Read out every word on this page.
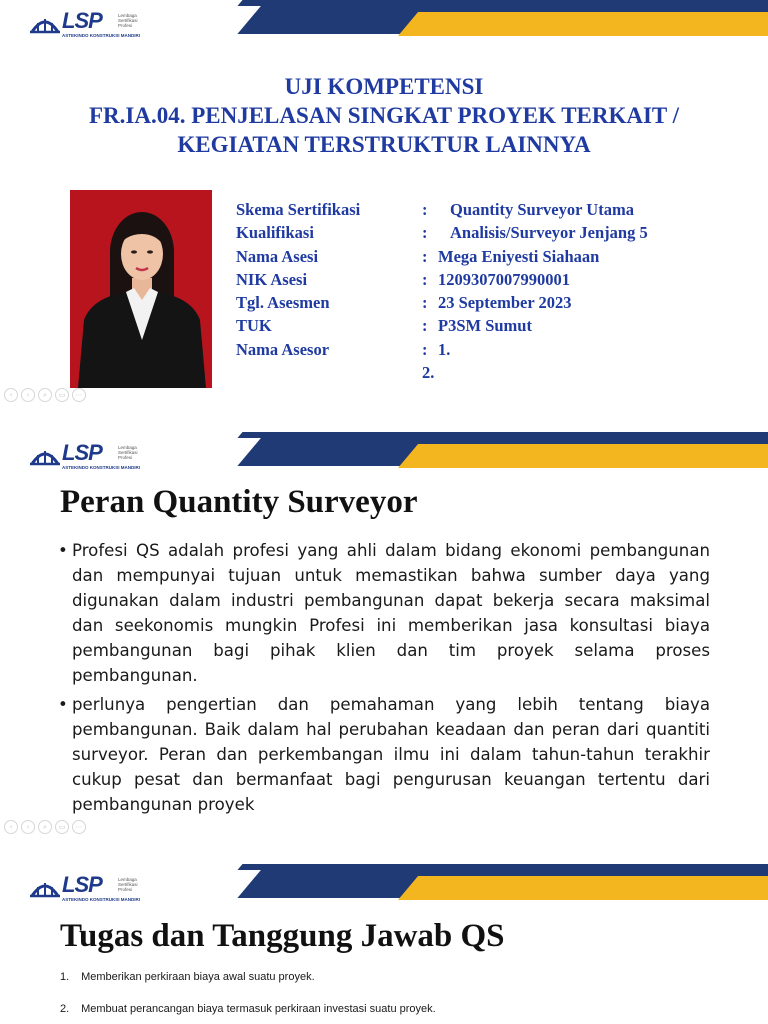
LSP	Lembaga Sertifikasi Profesi
ASTEKINDO KONSTRUKSI MANDIRI
UJI KOMPETENSI
FR.IA.04. PENJELASAN SINGKAT PROYEK TERKAIT /
KEGIATAN TERSTRUKTUR LAINNYA
Skema Sertifikasi	: Quantity Surveyor Utama
Kualifikasi	: Analisis/Surveyor Jenjang 5
Nama Asesi	: Mega Eniyesti Siahaan
NIK Asesi	: 1209307007990001
Tgl. Asesmen	: 23 September 2023
TUK	: P3SM Sumut
Nama Asesor	: 1.
2.
‹	›	⌕	▭	⋯
LSP	Lembaga Sertifikasi Profesi
ASTEKINDO KONSTRUKSI MANDIRI
Peran Quantity Surveyor

• Profesi QS adalah profesi yang ahli dalam bidang ekonomi pembangunan dan mempunyai tujuan untuk memastikan bahwa sumber daya yang digunakan dalam industri pembangunan dapat bekerja secara maksimal dan seekonomis mungkin Profesi ini memberikan jasa konsultasi biaya pembangunan bagi pihak klien dan tim proyek selama proses pembangunan.

• perlunya pengertian dan pemahaman yang lebih tentang biaya pembangunan. Baik dalam hal perubahan keadaan dan peran dari quantiti surveyor. Peran dan perkembangan ilmu ini dalam tahun-tahun terakhir cukup pesat dan bermanfaat bagi pengurusan keuangan tertentu dari pembangunan proyek

‹	›	⌕	▭	⋯
LSP	Lembaga Sertifikasi Profesi
ASTEKINDO KONSTRUKSI MANDIRI
Tugas dan Tanggung Jawab QS
1. Memberikan perkiraan biaya awal suatu proyek.
2. Membuat perancangan biaya termasuk perkiraan investasi suatu proyek.
